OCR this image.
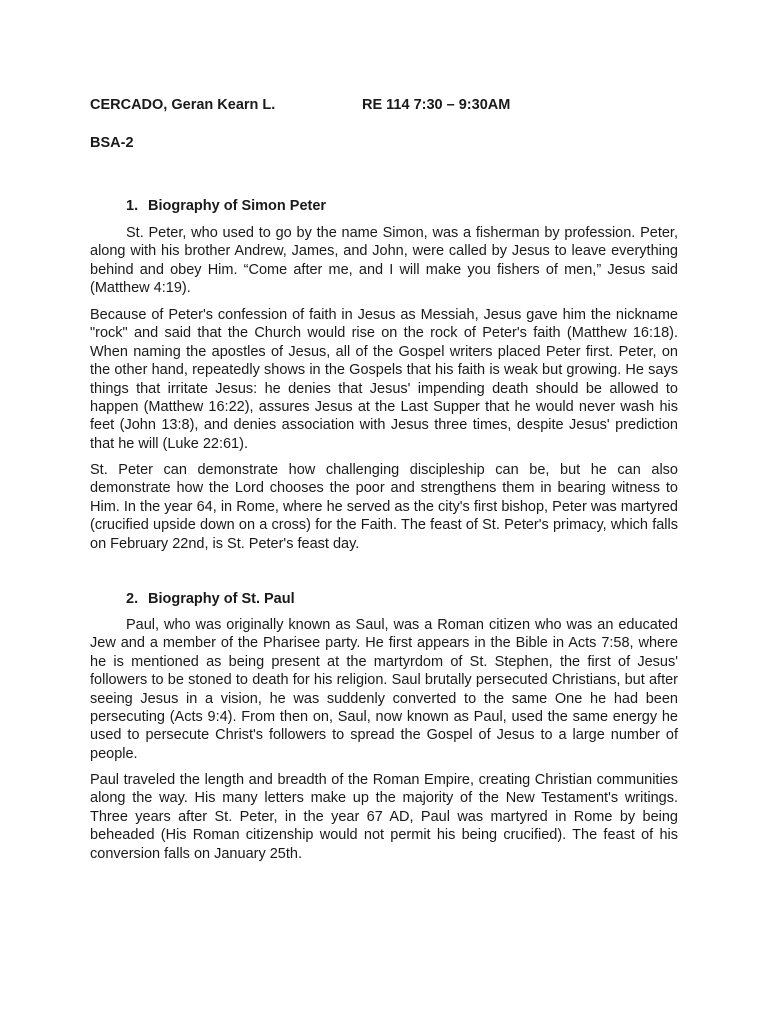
CERCADO, Geran Kearn L.	RE 114 7:30 – 9:30AM
BSA-2
1. Biography of Simon Peter

St. Peter, who used to go by the name Simon, was a fisherman by profession. Peter, along with his brother Andrew, James, and John, were called by Jesus to leave everything behind and obey Him. “Come after me, and I will make you fishers of men,” Jesus said (Matthew 4:19).

Because of Peter's confession of faith in Jesus as Messiah, Jesus gave him the nickname "rock" and said that the Church would rise on the rock of Peter's faith (Matthew 16:18). When naming the apostles of Jesus, all of the Gospel writers placed Peter first. Peter, on the other hand, repeatedly shows in the Gospels that his faith is weak but growing. He says things that irritate Jesus: he denies that Jesus' impending death should be allowed to happen (Matthew 16:22), assures Jesus at the Last Supper that he would never wash his feet (John 13:8), and denies association with Jesus three times, despite Jesus' prediction that he will (Luke 22:61).

St. Peter can demonstrate how challenging discipleship can be, but he can also demonstrate how the Lord chooses the poor and strengthens them in bearing witness to Him. In the year 64, in Rome, where he served as the city's first bishop, Peter was martyred (crucified upside down on a cross) for the Faith. The feast of St. Peter's primacy, which falls on February 22nd, is St. Peter's feast day.

2. Biography of St. Paul

Paul, who was originally known as Saul, was a Roman citizen who was an educated Jew and a member of the Pharisee party. He first appears in the Bible in Acts 7:58, where he is mentioned as being present at the martyrdom of St. Stephen, the first of Jesus' followers to be stoned to death for his religion. Saul brutally persecuted Christians, but after seeing Jesus in a vision, he was suddenly converted to the same One he had been persecuting (Acts 9:4). From then on, Saul, now known as Paul, used the same energy he used to persecute Christ's followers to spread the Gospel of Jesus to a large number of people.

Paul traveled the length and breadth of the Roman Empire, creating Christian communities along the way. His many letters make up the majority of the New Testament's writings. Three years after St. Peter, in the year 67 AD, Paul was martyred in Rome by being beheaded (His Roman citizenship would not permit his being crucified). The feast of his conversion falls on January 25th.
